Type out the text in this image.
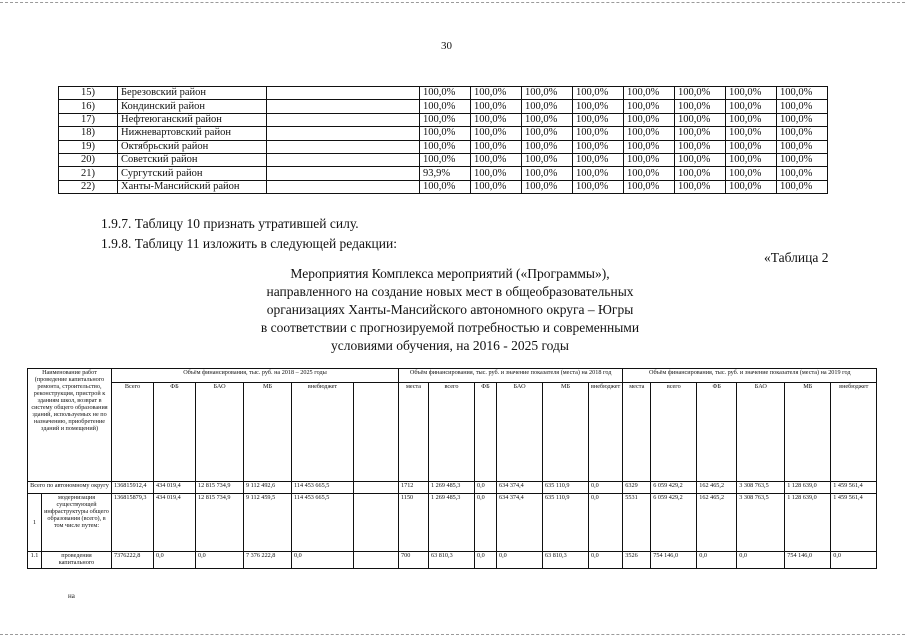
30
15)	Березовский район		100,0%	100,0%	100,0%	100,0%	100,0%	100,0%	100,0%	100,0%
16)	Кондинский район		100,0%	100,0%	100,0%	100,0%	100,0%	100,0%	100,0%	100,0%
17)	Нефтеюганский район		100,0%	100,0%	100,0%	100,0%	100,0%	100,0%	100,0%	100,0%
18)	Нижневартовский район		100,0%	100,0%	100,0%	100,0%	100,0%	100,0%	100,0%	100,0%
19)	Октябрьский район		100,0%	100,0%	100,0%	100,0%	100,0%	100,0%	100,0%	100,0%
20)	Советский район		100,0%	100,0%	100,0%	100,0%	100,0%	100,0%	100,0%	100,0%
21)	Сургутский район		93,9%	100,0%	100,0%	100,0%	100,0%	100,0%	100,0%	100,0%
22)	Ханты-Мансийский район		100,0%	100,0%	100,0%	100,0%	100,0%	100,0%	100,0%	100,0%
1.9.7. Таблицу 10 признать утратившей силу.
1.9.8. Таблицу 11 изложить в следующей редакции:
«Таблица 2
Мероприятия Комплекса мероприятий («Программы»),
направленного на создание новых мест в общеобразовательных
организациях Ханты-Мансийского автономного округа – Югры
в соответствии с прогнозируемой потребностью и современными
условиями обучения, на 2016 - 2025 годы
Наименование работ (проведение капитального ремонта, строительство, реконструкция, пристрой к зданиям школ, возврат в систему общего образования зданий, используемых не по назначению, приобретение зданий и помещений)		Объём финансирования, тыс. руб. на 2018 – 2025 годы						Объём финансирования, тыс. руб. и значение показателя (места) на 2018 год						Объём финансирования, тыс. руб. и значение показателя (места) на 2019 год					
		Всего	ФБ	БАО	МБ	внебюджет		места	всего	ФБ	БАО	МБ	внебюджет	места	всего	ФБ	БАО	МБ	внебюджет
Всего по автономному округу		136815912,4	434 019,4	12 815 734,9	9 112 492,6	114 453 665,5		1712	1 269 485,3	0,0	634 374,4	635 110,9	0,0	6329	6 059 429,2	162 465,2	3 308 763,5	1 128 639,0	1 459 561,4
1	модернизация существующей инфраструктуры общего образования (всего), в том числе путем:	136815879,3	434 019,4	12 815 734,9	9 112 459,5	114 453 665,5		1150	1 269 485,3	0,0	634 374,4	635 110,9	0,0	5531	6 059 429,2	162 465,2	3 308 763,5	1 128 639,0	1 459 561,4
1.1	проведения капитального	7376222,8	0,0	0,0	7 376 222,8	0,0		700	63 810,3	0,0	0,0	63 810,3	0,0	3526	754 146,0	0,0	0,0	754 146,0	0,0
на
